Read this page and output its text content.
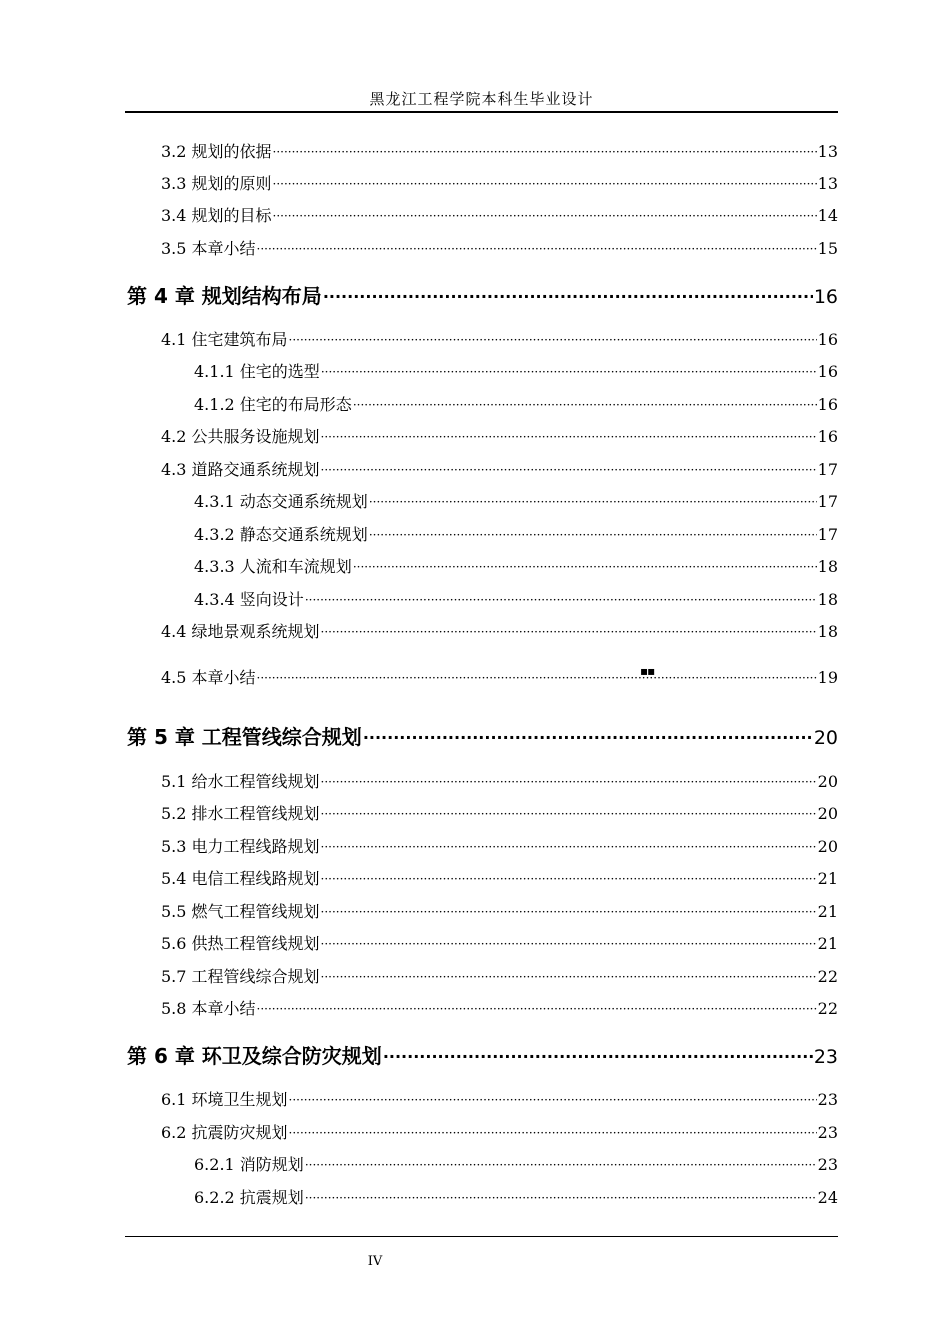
黑龙江工程学院本科生毕业设计
3.2 规划的依据 ·····	13
3.3 规划的原则 ·····	13
3.4 规划的目标 ·····	14
3.5 本章小结 ·····	15
第 4 章 规划结构布局 ·····	16
4.1 住宅建筑布局 ·····	16
4.1.1 住宅的选型 ·····	16
4.1.2 住宅的布局形态 ·····	16
4.2 公共服务设施规划 ·····	16
4.3 道路交通系统规划 ·····	17
4.3.1 动态交通系统规划 ·····	17
4.3.2 静态交通系统规划 ·····	17
4.3.3 人流和车流规划 ·····	18
4.3.4 竖向设计 ·····	18
4.4 绿地景观系统规划 ·····	18
4.5 本章小结 ·····	19
▪▪
第 5 章 工程管线综合规划 ·····	20
5.1 给水工程管线规划 ·····	20
5.2 排水工程管线规划 ·····	20
5.3 电力工程线路规划 ·····	20
5.4 电信工程线路规划 ·····	21
5.5 燃气工程管线规划 ·····	21
5.6 供热工程管线规划 ·····	21
5.7 工程管线综合规划 ·····	22
5.8 本章小结 ·····	22
第 6 章 环卫及综合防灾规划 ·····	23
6.1 环境卫生规划 ·····	23
6.2 抗震防灾规划 ·····	23
6.2.1 消防规划 ·····	23
6.2.2 抗震规划 ·····	24
IV
